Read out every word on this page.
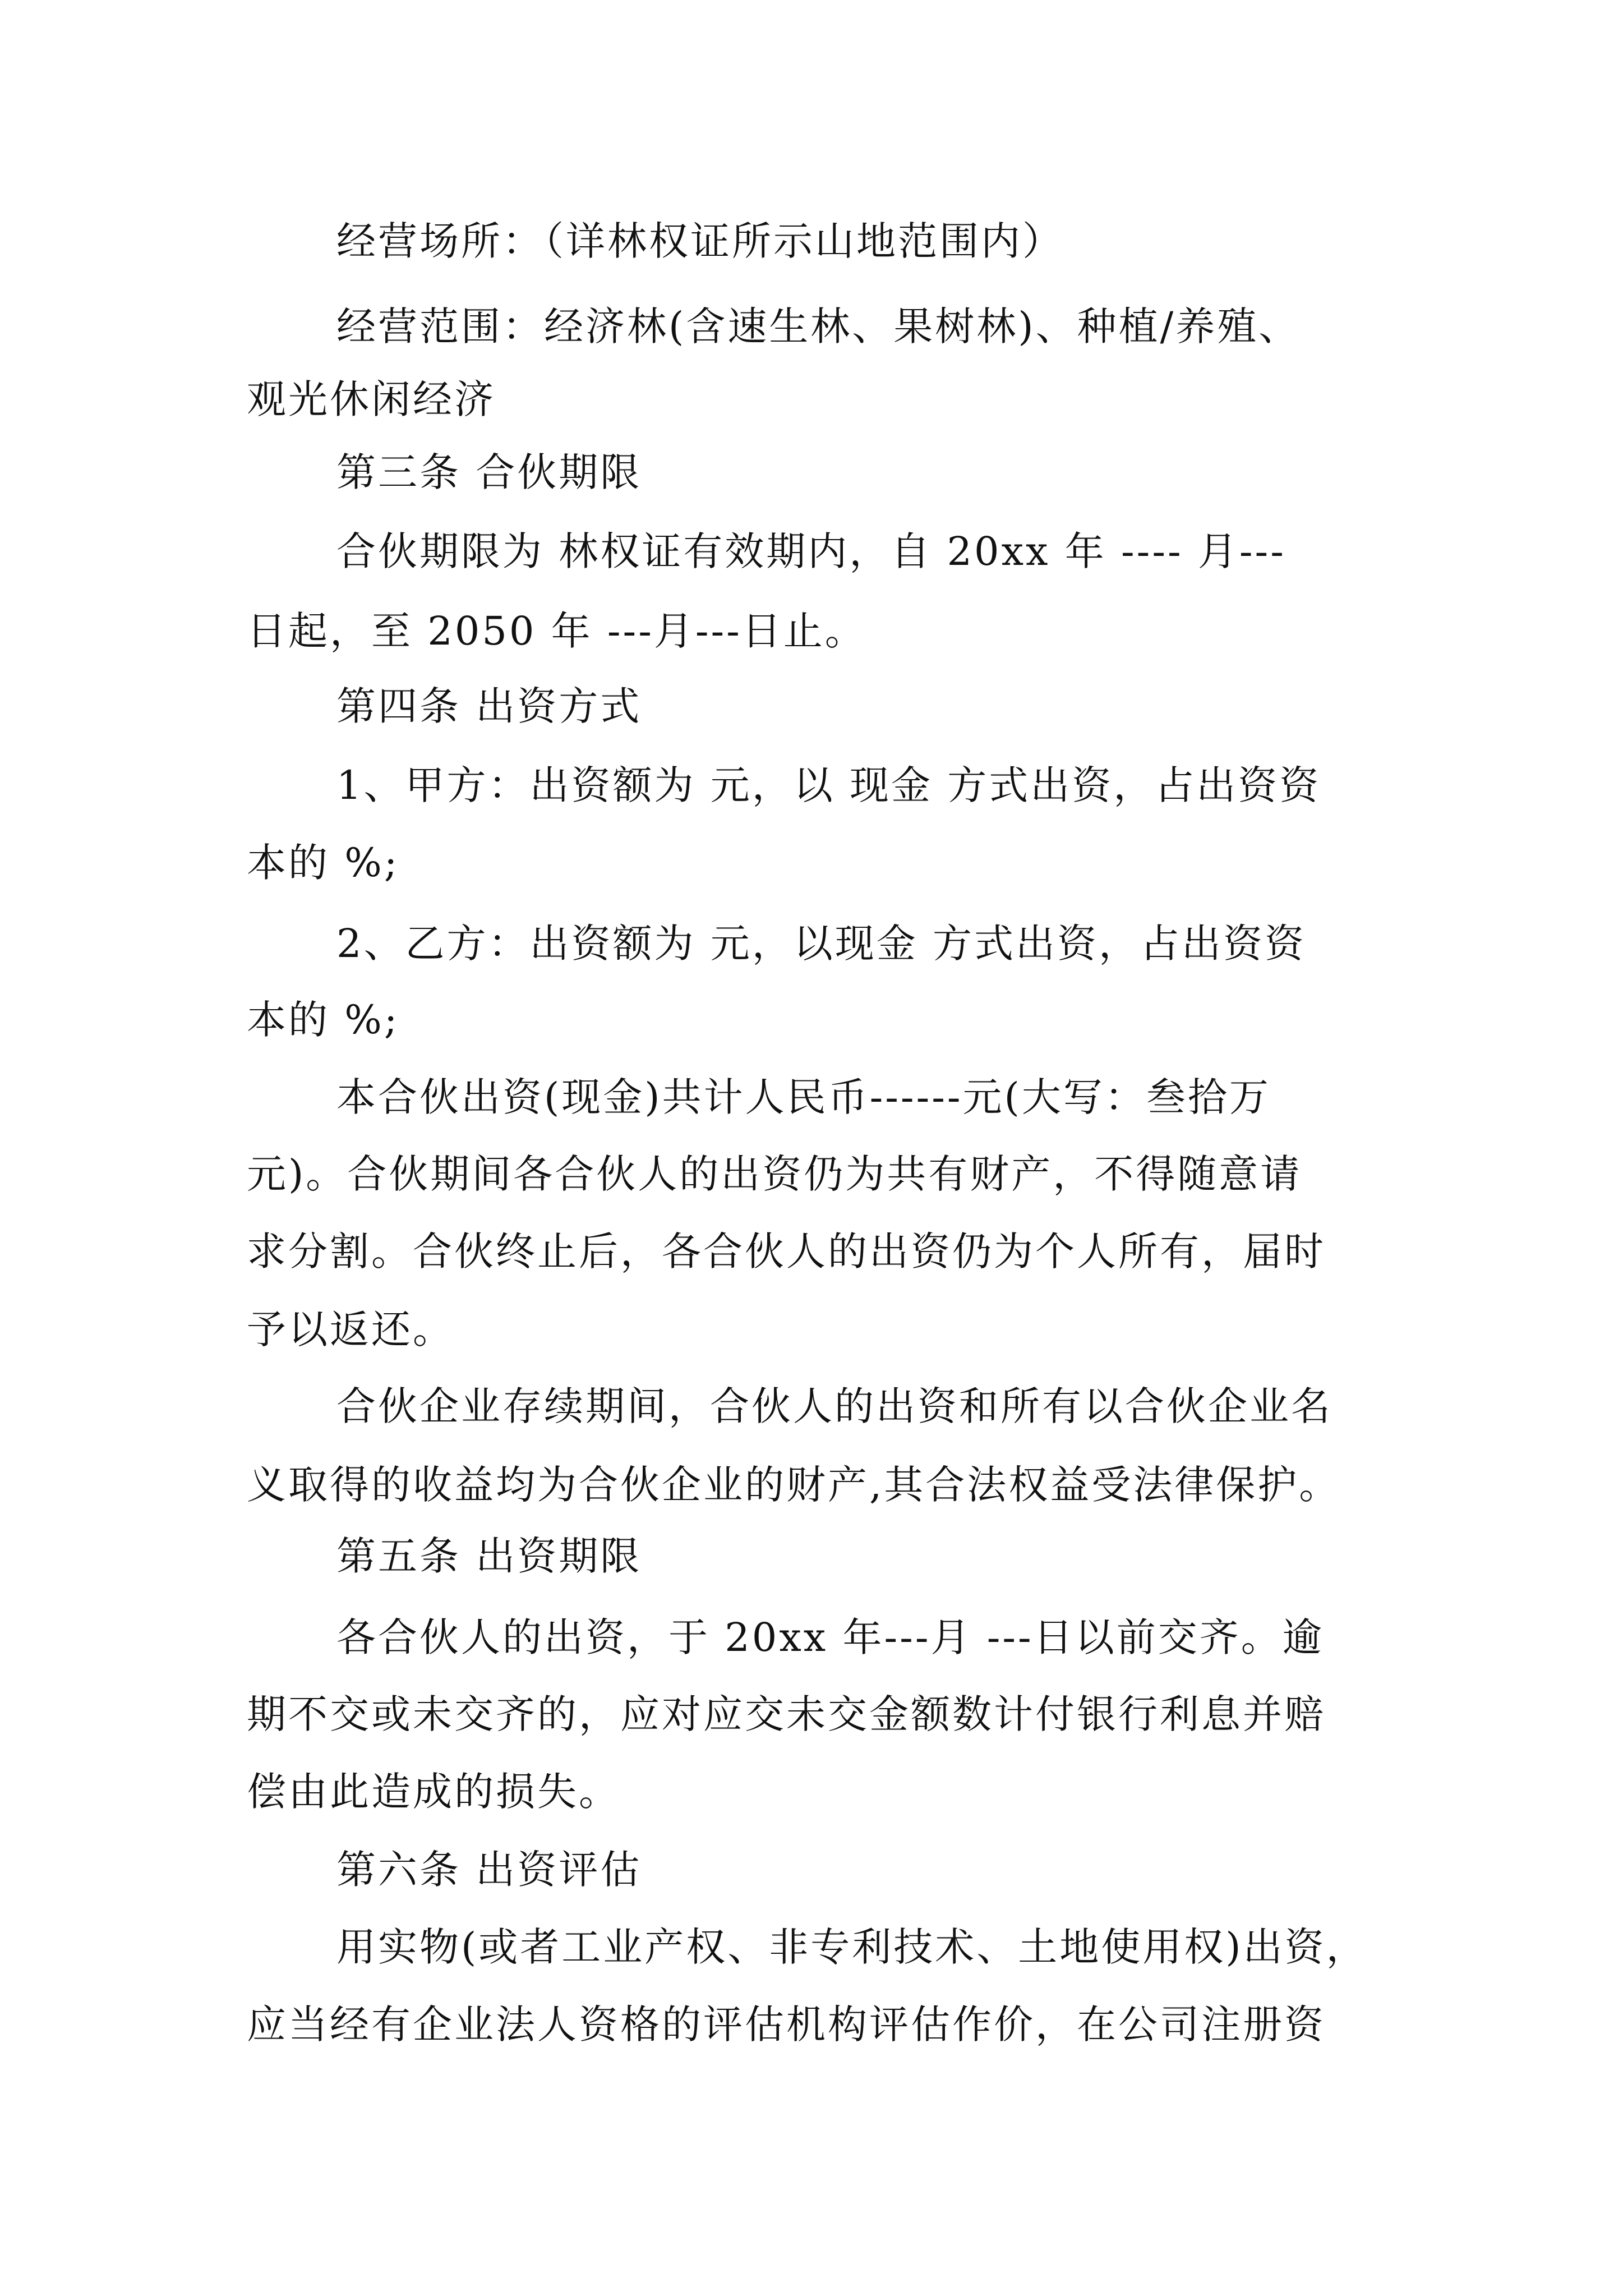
经营场所：（详林权证所示山地范围内）

经营范围：经济林(含速生林、果树林)、种植/养殖、

观光休闲经济

第三条 合伙期限

合伙期限为 林权证有效期内，自 20xx 年 ---- 月---

日起，至 2050 年 ---月---日止。

第四条 出资方式

1、甲方：出资额为 元，以 现金 方式出资，占出资资

本的 %;

2、乙方：出资额为 元，以现金 方式出资，占出资资

本的 %;

本合伙出资(现金)共计人民币------元(大写：叁拾万

元)。合伙期间各合伙人的出资仍为共有财产，不得随意请

求分割。合伙终止后，各合伙人的出资仍为个人所有，届时

予以返还。

合伙企业存续期间，合伙人的出资和所有以合伙企业名

义取得的收益均为合伙企业的财产,其合法权益受法律保护。

第五条 出资期限

各合伙人的出资，于 20xx 年---月 ---日以前交齐。逾

期不交或未交齐的，应对应交未交金额数计付银行利息并赔

偿由此造成的损失。

第六条 出资评估

用实物(或者工业产权、非专利技术、土地使用权)出资，

应当经有企业法人资格的评估机构评估作价，在公司注册资
